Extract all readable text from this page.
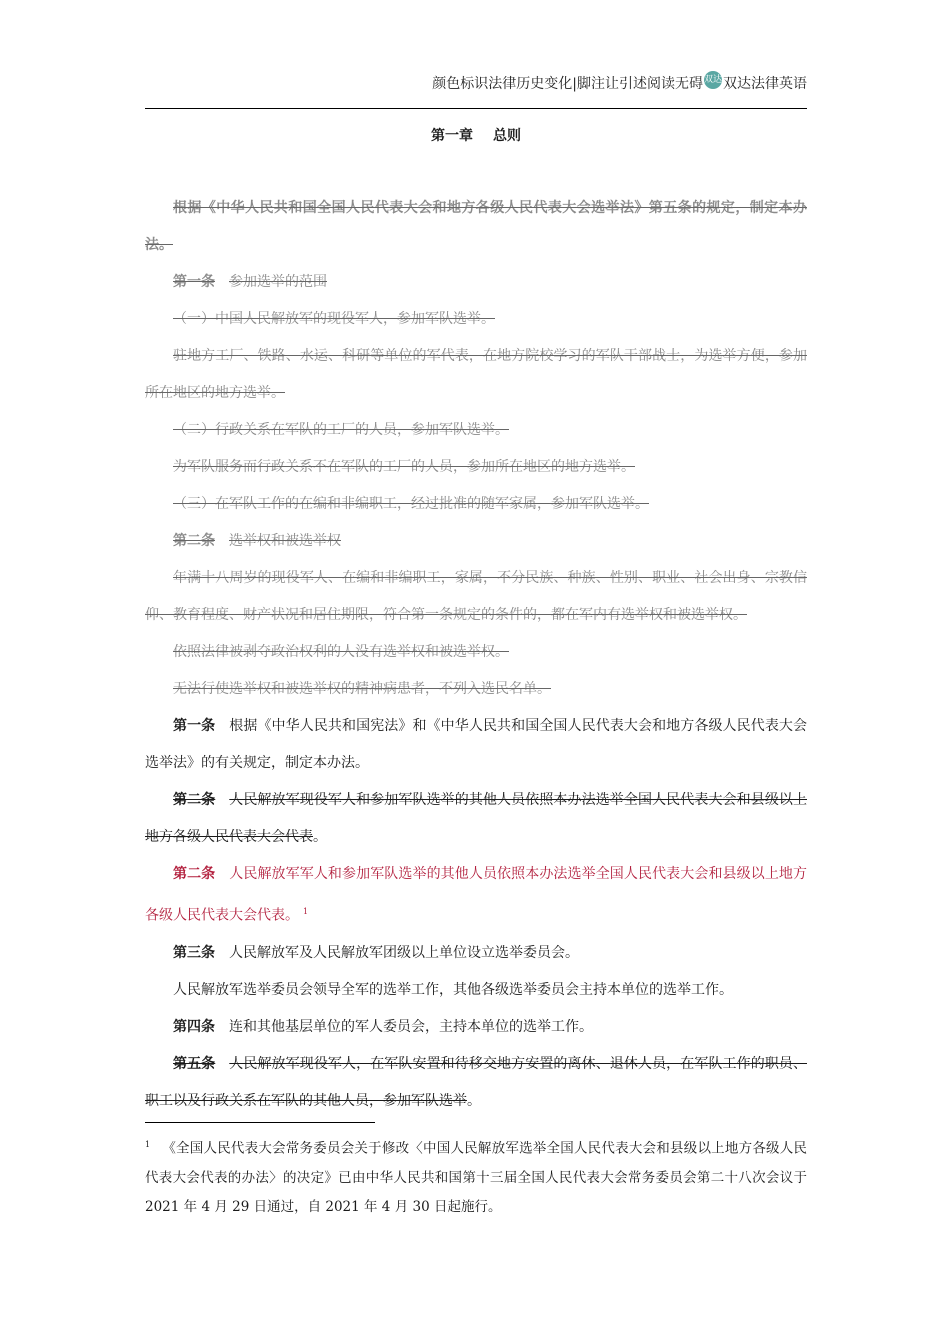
颜色标识法律历史变化|脚注让引述阅读无碍双达双达法律英语
第一章 总则

根据《中华人民共和国全国人民代表大会和地方各级人民代表大会选举法》第五条的规定，制定本办法。

第一条 参加选举的范围

（一）中国人民解放军的现役军人，参加军队选举。

驻地方工厂、铁路、水运、科研等单位的军代表，在地方院校学习的军队干部战士，为选举方便，参加所在地区的地方选举。

（二）行政关系在军队的工厂的人员，参加军队选举。

为军队服务而行政关系不在军队的工厂的人员，参加所在地区的地方选举。

（三）在军队工作的在编和非编职工，经过批准的随军家属，参加军队选举。

第二条 选举权和被选举权

年满十八周岁的现役军人、在编和非编职工，家属，不分民族、种族、性别、职业、社会出身、宗教信仰、教育程度、财产状况和居住期限，符合第一条规定的条件的，都在军内有选举权和被选举权。

依照法律被剥夺政治权利的人没有选举权和被选举权。

无法行使选举权和被选举权的精神病患者，不列入选民名单。

第一条 根据《中华人民共和国宪法》和《中华人民共和国全国人民代表大会和地方各级人民代表大会选举法》的有关规定，制定本办法。

第二条 人民解放军现役军人和参加军队选举的其他人员依照本办法选举全国人民代表大会和县级以上地方各级人民代表大会代表。

第二条 人民解放军军人和参加军队选举的其他人员依照本办法选举全国人民代表大会和县级以上地方各级人民代表大会代表。 $^1$

第三条 人民解放军及人民解放军团级以上单位设立选举委员会。

人民解放军选举委员会领导全军的选举工作，其他各级选举委员会主持本单位的选举工作。

第四条 连和其他基层单位的军人委员会，主持本单位的选举工作。

第五条 人民解放军现役军人，在军队安置和待移交地方安置的离休、退休人员，在军队工作的职员、职工以及行政关系在军队的其他人员，参加军队选举。

$^1$ 《全国人民代表大会常务委员会关于修改〈中国人民解放军选举全国人民代表大会和县级以上地方各级人民代表大会代表的办法〉的决定》已由中华人民共和国第十三届全国人民代表大会常务委员会第二十八次会议于 2021 年 4 月 29 日通过，自 2021 年 4 月 30 日起施行。
